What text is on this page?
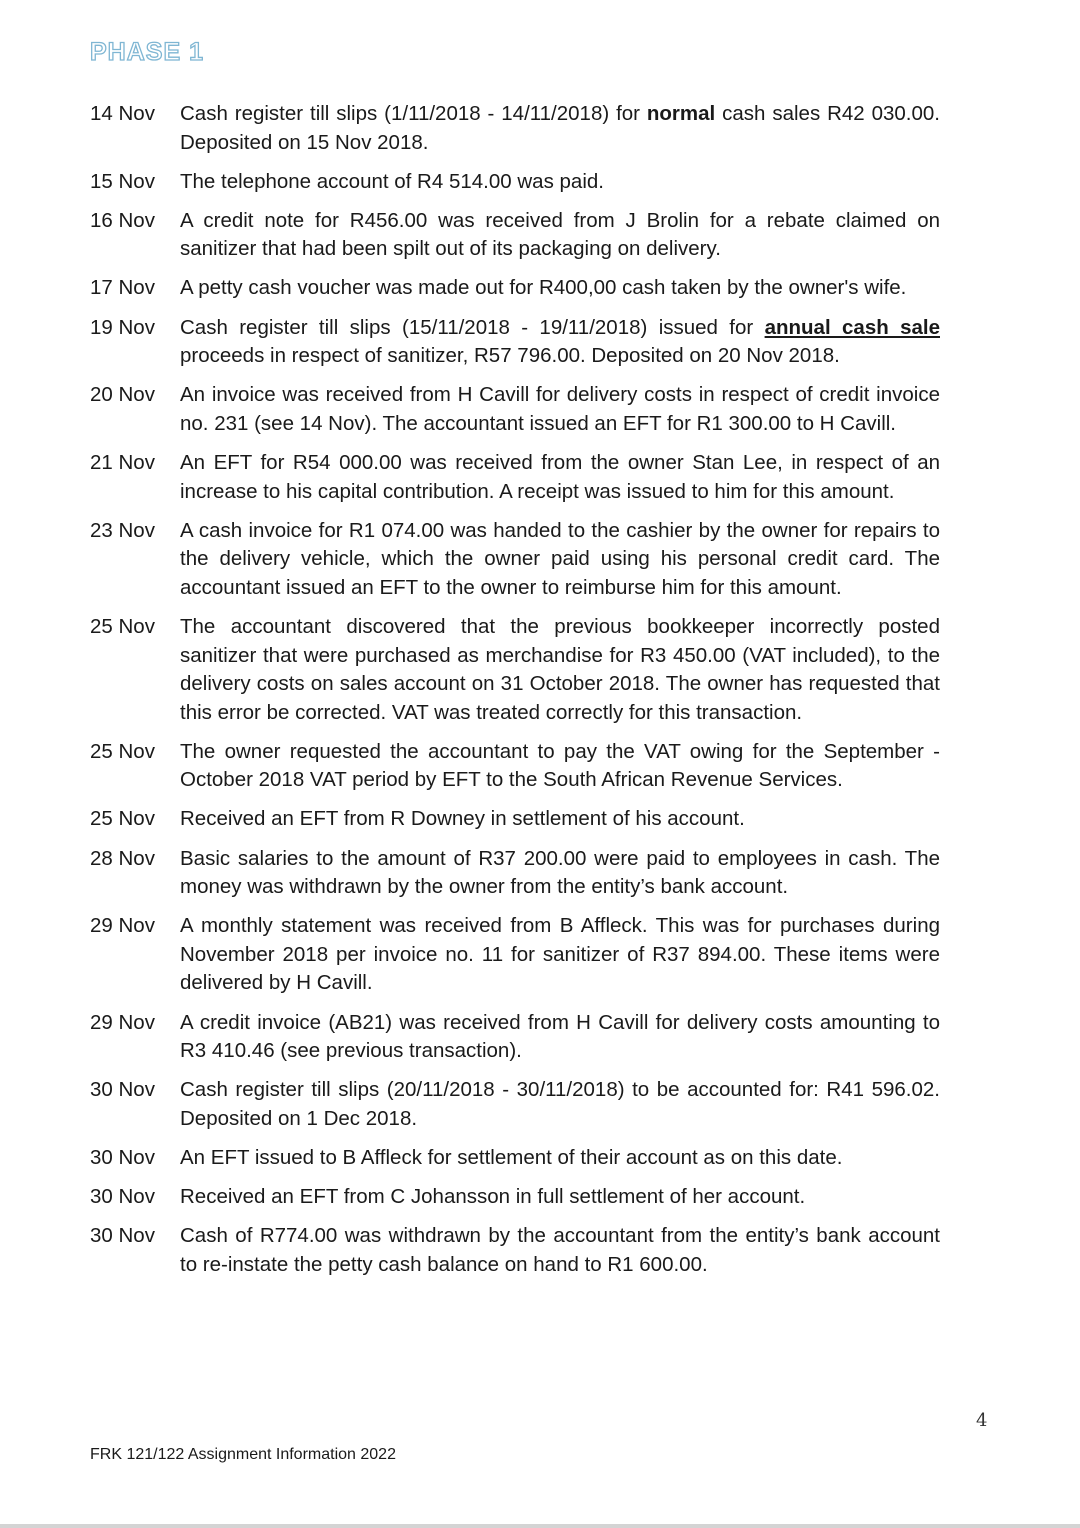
PHASE 1
14 Nov	Cash register till slips (1/11/2018 - 14/11/2018) for normal cash sales R42 030.00. Deposited on 15 Nov 2018.
15 Nov	The telephone account of R4 514.00 was paid.
16 Nov	A credit note for R456.00 was received from J Brolin for a rebate claimed on sanitizer that had been spilt out of its packaging on delivery.
17 Nov	A petty cash voucher was made out for R400,00 cash taken by the owner's wife.
19 Nov	Cash register till slips (15/11/2018 - 19/11/2018) issued for annual cash sale proceeds in respect of sanitizer, R57 796.00. Deposited on 20 Nov 2018.
20 Nov	An invoice was received from H Cavill for delivery costs in respect of credit invoice no. 231 (see 14 Nov). The accountant issued an EFT for R1 300.00 to H Cavill.
21 Nov	An EFT for R54 000.00 was received from the owner Stan Lee, in respect of an increase to his capital contribution. A receipt was issued to him for this amount.
23 Nov	A cash invoice for R1 074.00 was handed to the cashier by the owner for repairs to the delivery vehicle, which the owner paid using his personal credit card. The accountant issued an EFT to the owner to reimburse him for this amount.
25 Nov	The accountant discovered that the previous bookkeeper incorrectly posted sanitizer that were purchased as merchandise for R3 450.00 (VAT included), to the delivery costs on sales account on 31 October 2018. The owner has requested that this error be corrected. VAT was treated correctly for this transaction.
25 Nov	The owner requested the accountant to pay the VAT owing for the September - October 2018 VAT period by EFT to the South African Revenue Services.
25 Nov	Received an EFT from R Downey in settlement of his account.
28 Nov	Basic salaries to the amount of R37 200.00 were paid to employees in cash. The money was withdrawn by the owner from the entity’s bank account.
29 Nov	A monthly statement was received from B Affleck. This was for purchases during November 2018 per invoice no. 11 for sanitizer of R37 894.00. These items were delivered by H Cavill.
29 Nov	A credit invoice (AB21) was received from H Cavill for delivery costs amounting to R3 410.46 (see previous transaction).
30 Nov	Cash register till slips (20/11/2018 - 30/11/2018) to be accounted for: R41 596.02. Deposited on 1 Dec 2018.
30 Nov	An EFT issued to B Affleck for settlement of their account as on this date.
30 Nov	Received an EFT from C Johansson in full settlement of her account.
30 Nov	Cash of R774.00 was withdrawn by the accountant from the entity’s bank account to re-instate the petty cash balance on hand to R1 600.00.
4
FRK 121/122 Assignment Information 2022
